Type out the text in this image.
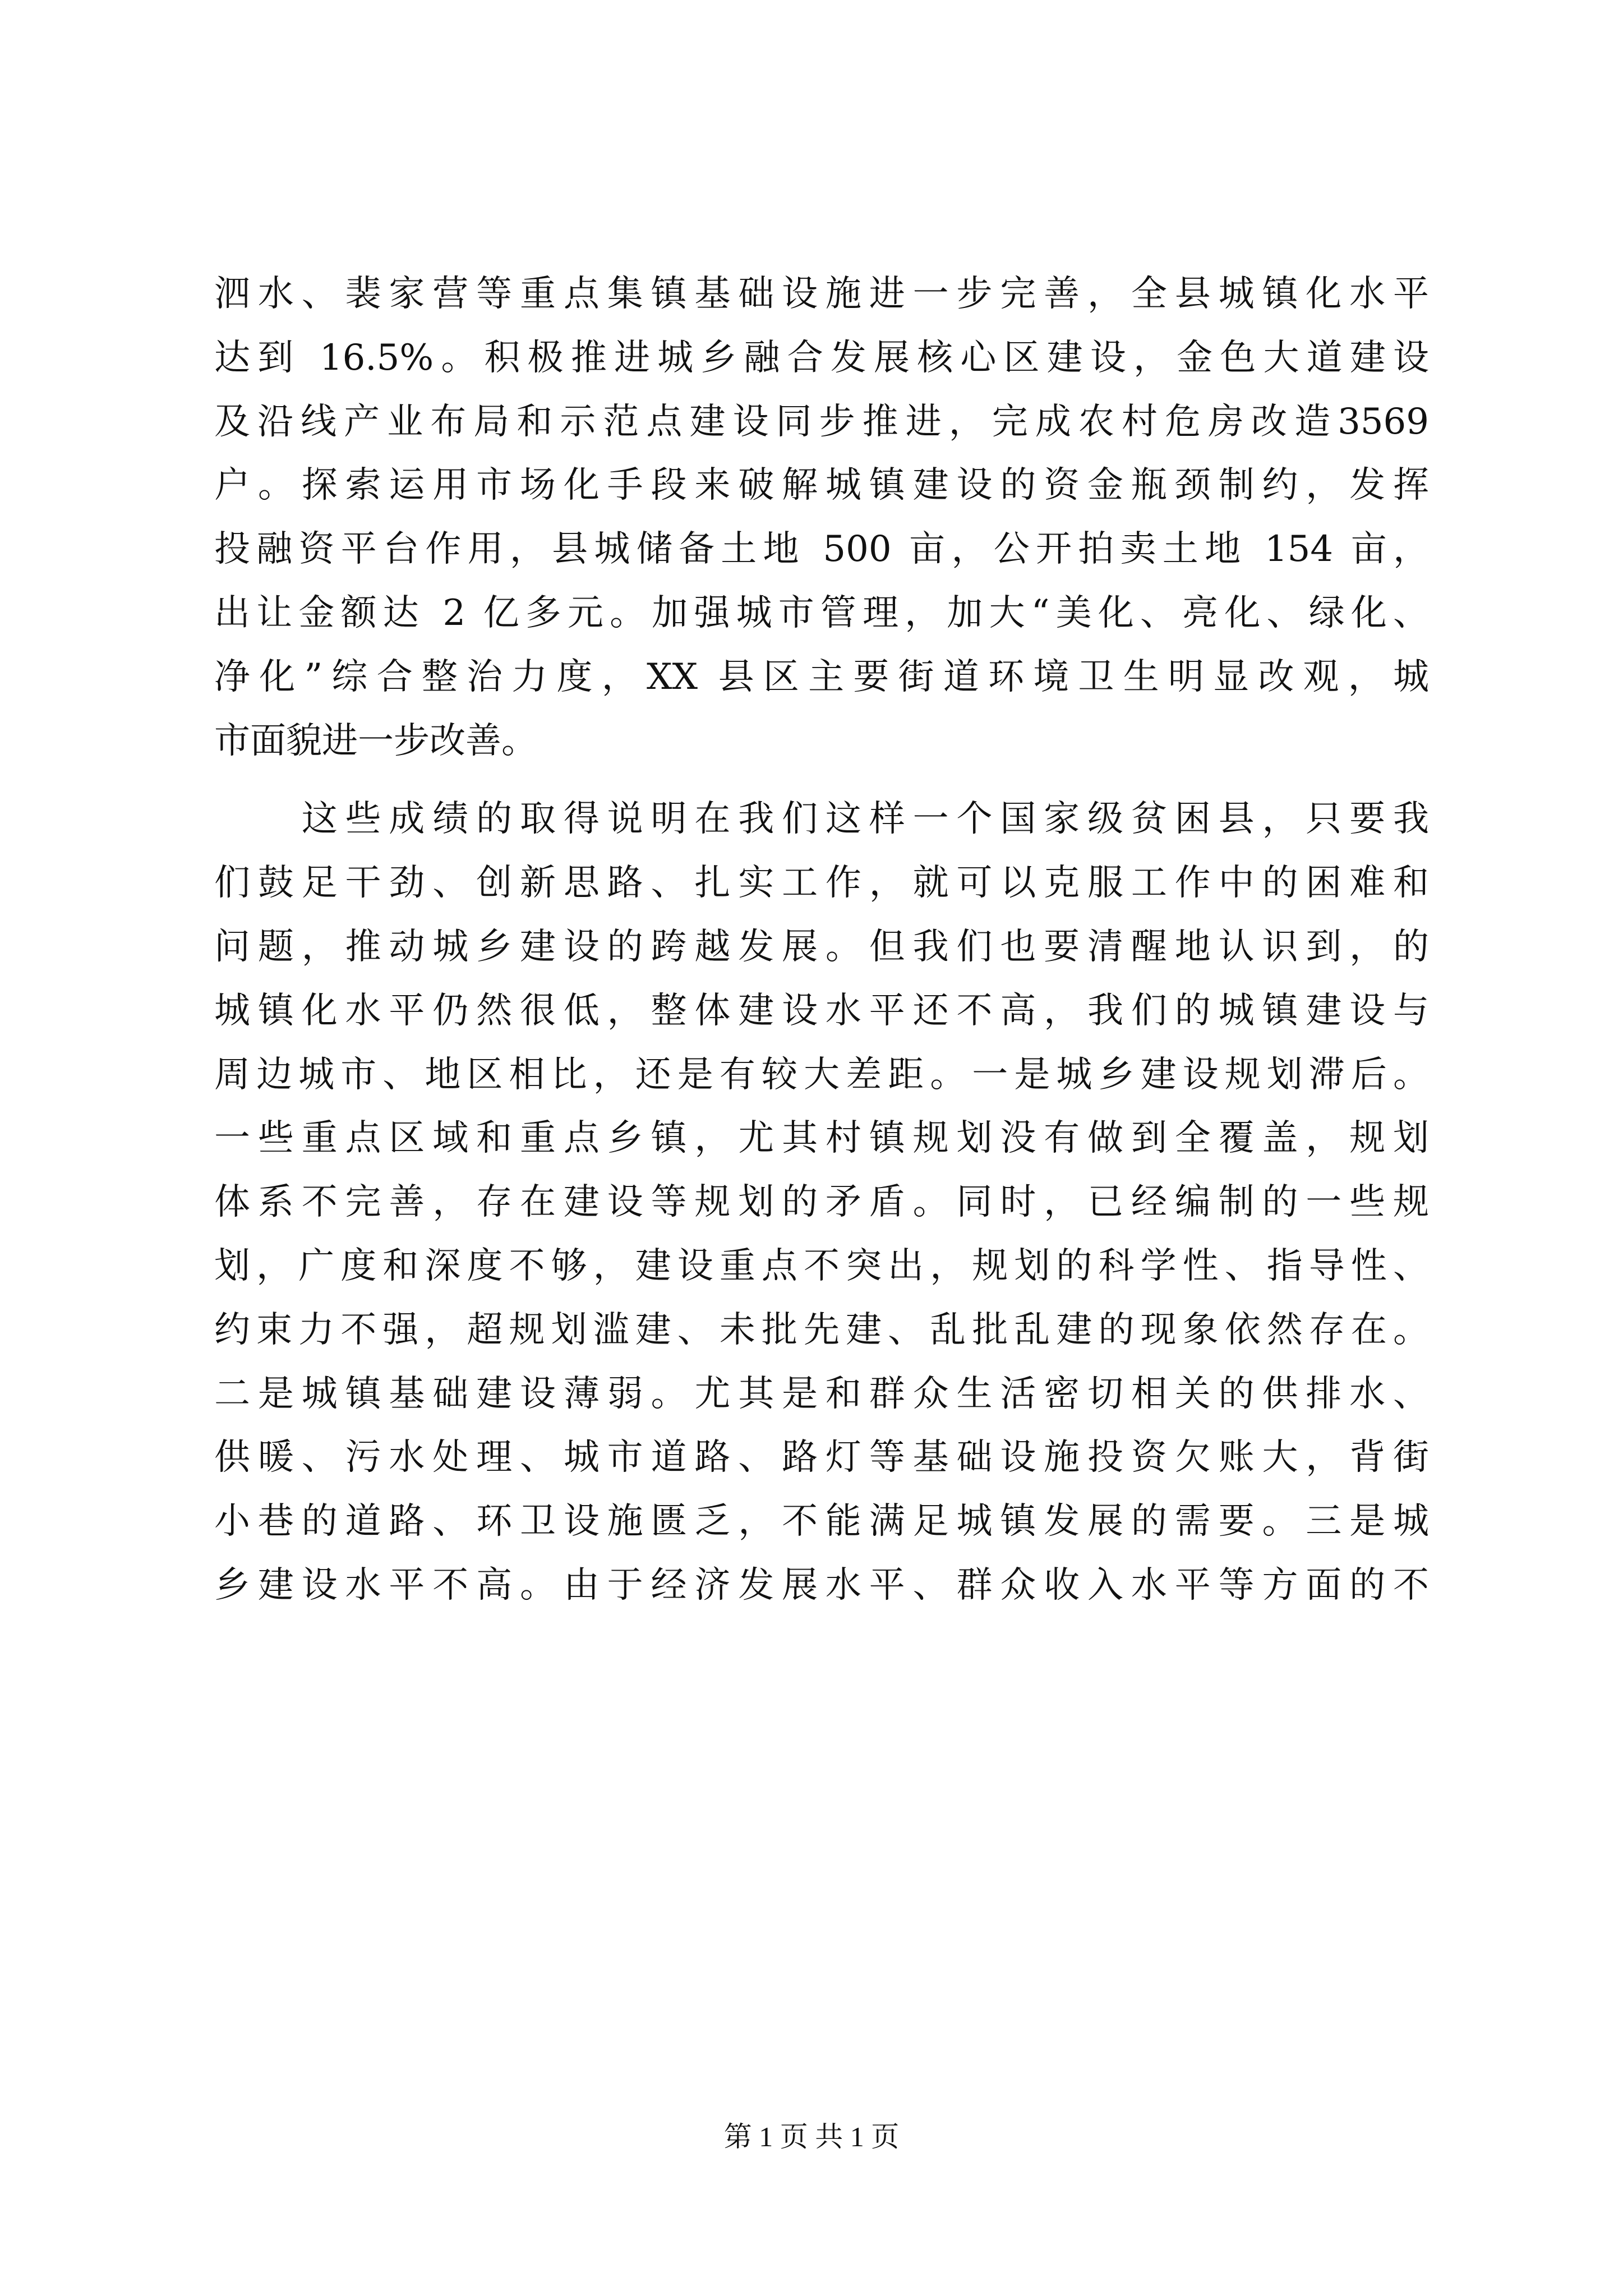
泗水、裴家营等重点集镇基础设施进一步完善，全县城镇化水平
达到 16.5%。积极推进城乡融合发展核心区建设，金色大道建设
及沿线产业布局和示范点建设同步推进，完成农村危房改造3569
户。探索运用市场化手段来破解城镇建设的资金瓶颈制约，发挥
投融资平台作用，县城储备土地 500 亩，公开拍卖土地 154 亩，
出让金额达 2 亿多元。加强城市管理，加大“美化、亮化、绿化、
净化”综合整治力度，XX 县区主要街道环境卫生明显改观，城
市面貌进一步改善。
　　这些成绩的取得说明在我们这样一个国家级贫困县，只要我
们鼓足干劲、创新思路、扎实工作，就可以克服工作中的困难和
问题，推动城乡建设的跨越发展。但我们也要清醒地认识到，的
城镇化水平仍然很低，整体建设水平还不高，我们的城镇建设与
周边城市、地区相比，还是有较大差距。一是城乡建设规划滞后。
一些重点区域和重点乡镇，尤其村镇规划没有做到全覆盖，规划
体系不完善，存在建设等规划的矛盾。同时，已经编制的一些规
划，广度和深度不够，建设重点不突出，规划的科学性、指导性、
约束力不强，超规划滥建、未批先建、乱批乱建的现象依然存在。
二是城镇基础建设薄弱。尤其是和群众生活密切相关的供排水、
供暖、污水处理、城市道路、路灯等基础设施投资欠账大，背街
小巷的道路、环卫设施匮乏，不能满足城镇发展的需要。三是城
乡建设水平不高。由于经济发展水平、群众收入水平等方面的不
第 1 页 共 1 页
